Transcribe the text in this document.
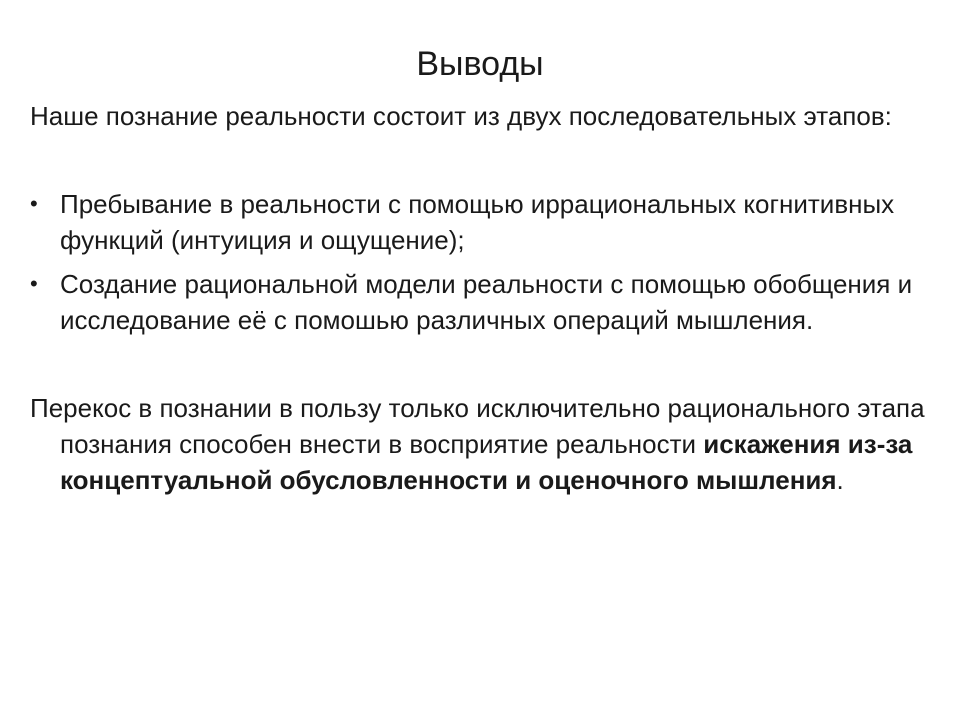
Выводы

Наше познание реальности состоит из двух последовательных этапов:

• Пребывание в реальности с помощью иррациональных когнитивных функций (интуиция и ощущение);

• Создание рациональной модели реальности с помощью обобщения и исследование её с помошью различных операций мышления.

Перекос в познании в пользу только исключительно рационального этапа познания способен внести в восприятие реальности искажения из-за концептуальной обусловленности и оценочного мышления.
